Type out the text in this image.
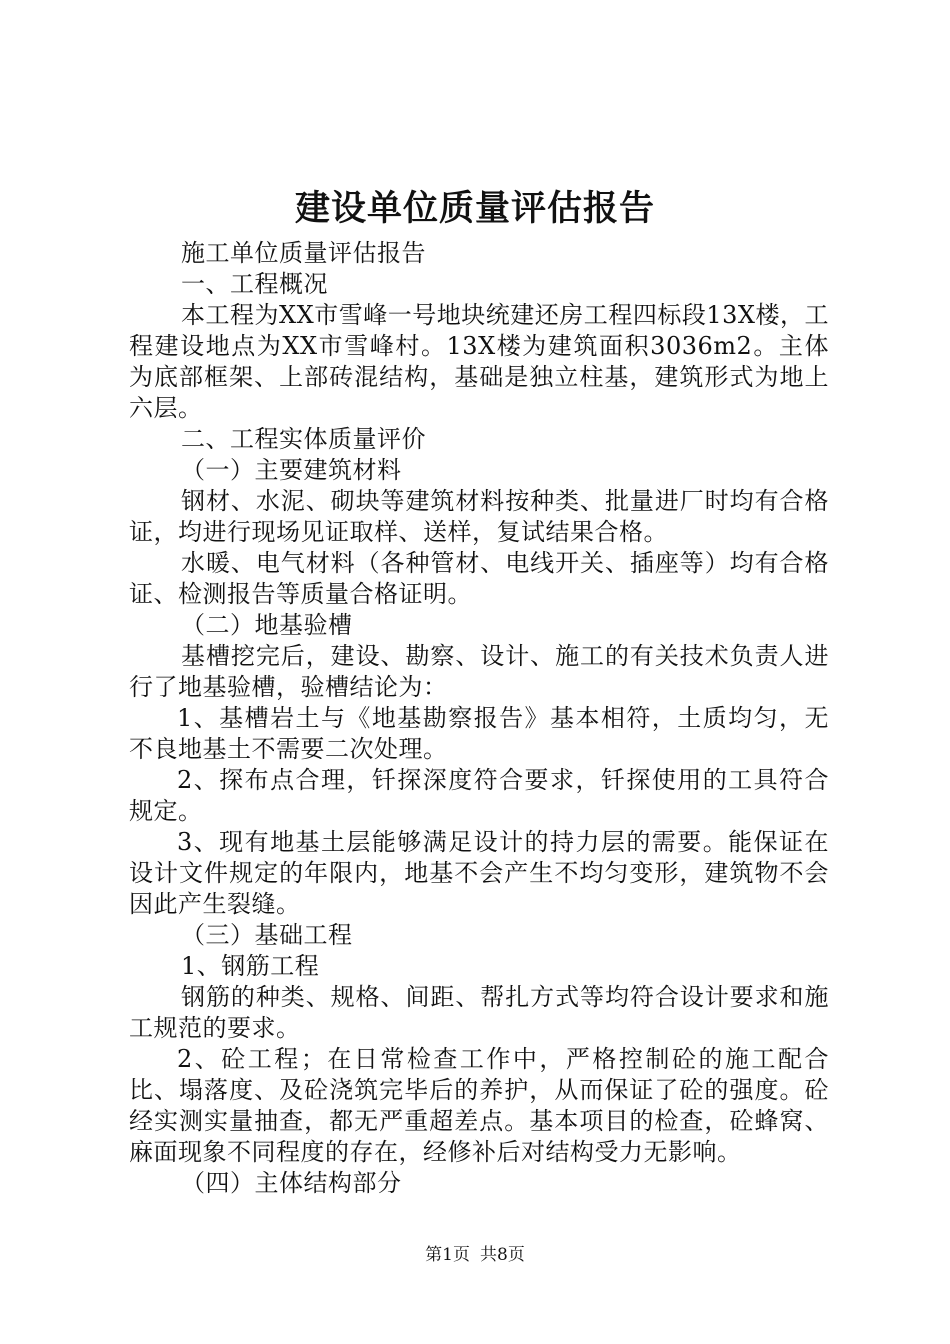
建设单位质量评估报告

施工单位质量评估报告

一、工程概况

本工程为XX市雪峰一号地块统建还房工程四标段13X楼，工程建设地点为XX市雪峰村。13X楼为建筑面积3036m2。主体为底部框架、上部砖混结构，基础是独立柱基，建筑形式为地上六层。

二、工程实体质量评价

（一）主要建筑材料

钢材、水泥、砌块等建筑材料按种类、批量进厂时均有合格证，均进行现场见证取样、送样，复试结果合格。

水暖、电气材料（各种管材、电线开关、插座等）均有合格证、检测报告等质量合格证明。

（二）地基验槽

基槽挖完后，建设、勘察、设计、施工的有关技术负责人进行了地基验槽，验槽结论为：

1、基槽岩土与《地基勘察报告》基本相符，土质均匀，无不良地基土不需要二次处理。

2、探布点合理，钎探深度符合要求，钎探使用的工具符合规定。

3、现有地基土层能够满足设计的持力层的需要。能保证在设计文件规定的年限内，地基不会产生不均匀变形，建筑物不会因此产生裂缝。

（三）基础工程

1、钢筋工程

钢筋的种类、规格、间距、帮扎方式等均符合设计要求和施工规范的要求。

2、砼工程；在日常检查工作中，严格控制砼的施工配合比、塌落度、及砼浇筑完毕后的养护，从而保证了砼的强度。砼经实测实量抽查，都无严重超差点。基本项目的检查，砼蜂窝、麻面现象不同程度的存在，经修补后对结构受力无影响。

（四）主体结构部分

第1页 共8页
